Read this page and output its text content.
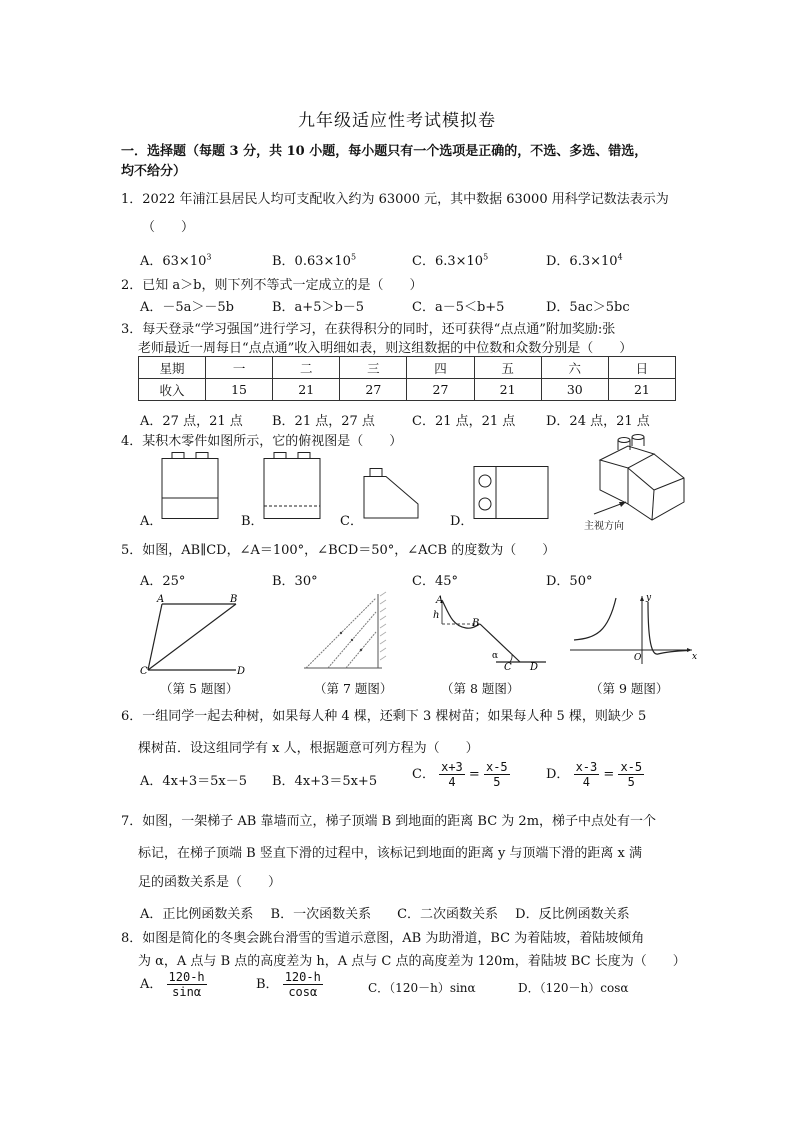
九年级适应性考试模拟卷
一．选择题（每题 3 分，共 10 小题，每小题只有一个选项是正确的，不选、多选、错选，
均不给分）
1．2022 年浦江县居民人均可支配收入约为 63000 元，其中数据 63000 用科学记数法表示为
（　　）
A．$63\times 10^3$	B．$0.63\times 10^5$	C．$6.3\times 10^5$	D．$6.3\times 10^4$
2．已知 a＞b，则下列不等式一定成立的是（　　）
A．－5a＞－5b	B．a+5＞b－5	C．a－5＜b+5	D．5ac＞5bc
3．每天登录“学习强国”进行学习，在获得积分的同时，还可获得“点点通”附加奖励:张
老师最近一周每日“点点通”收入明细如表，则这组数据的中位数和众数分别是（　　）
星期	一	二	三	四	五	六	日
收入	15	21	27	27	21	30	21
A．27 点，21 点 B．21 点，27 点	C．21 点，21 点 D．24 点，21 点
4．某积木零件如图所示，它的俯视图是（　　）
A．	B．	C．	D．	主视方向
5．如图，AB∥CD，∠A＝100°，∠BCD＝50°，∠ACB 的度数为（　　）
A．25°	B．30°	C．45°	D．50°
A	B
C	D
A
B
C D
h
α	O
y
x
（第 5 题图）	（第 7 题图）	（第 8 题图）	（第 9 题图）
6．一组同学一起去种树，如果每人种 4 棵，还剩下 3 棵树苗；如果每人种 5 棵，则缺少 5
棵树苗．设这组同学有 x 人，根据题意可列方程为（　　）
A．4x+3＝5x－5 B．4x+3＝5x+5	C． $\frac{x+3}{4} = \frac{x-5}{5}$	D． $\frac{x-3}{4} = \frac{x-5}{5}$
7．如图，一架梯子 AB 靠墙而立，梯子顶端 B 到地面的距离 BC 为 2m，梯子中点处有一个
标记，在梯子顶端 B 竖直下滑的过程中，该标记到地面的距离 y 与顶端下滑的距离 x 满
足的函数关系是（　　）
A．正比例函数关系　 B．一次函数关系　　C．二次函数关系　 D．反比例函数关系
8．如图是简化的冬奥会跳台滑雪的雪道示意图，AB 为助滑道，BC 为着陆坡，着陆坡倾角
为 α，A 点与 B 点的高度差为 h，A 点与 C 点的高度差为 120m，着陆坡 BC 长度为（　　）
A． $\frac{120-h}{\sin\alpha}$	B． $\frac{120-h}{\cos\alpha}$	C．（120－h）sinα	D．（120－h）cosα
